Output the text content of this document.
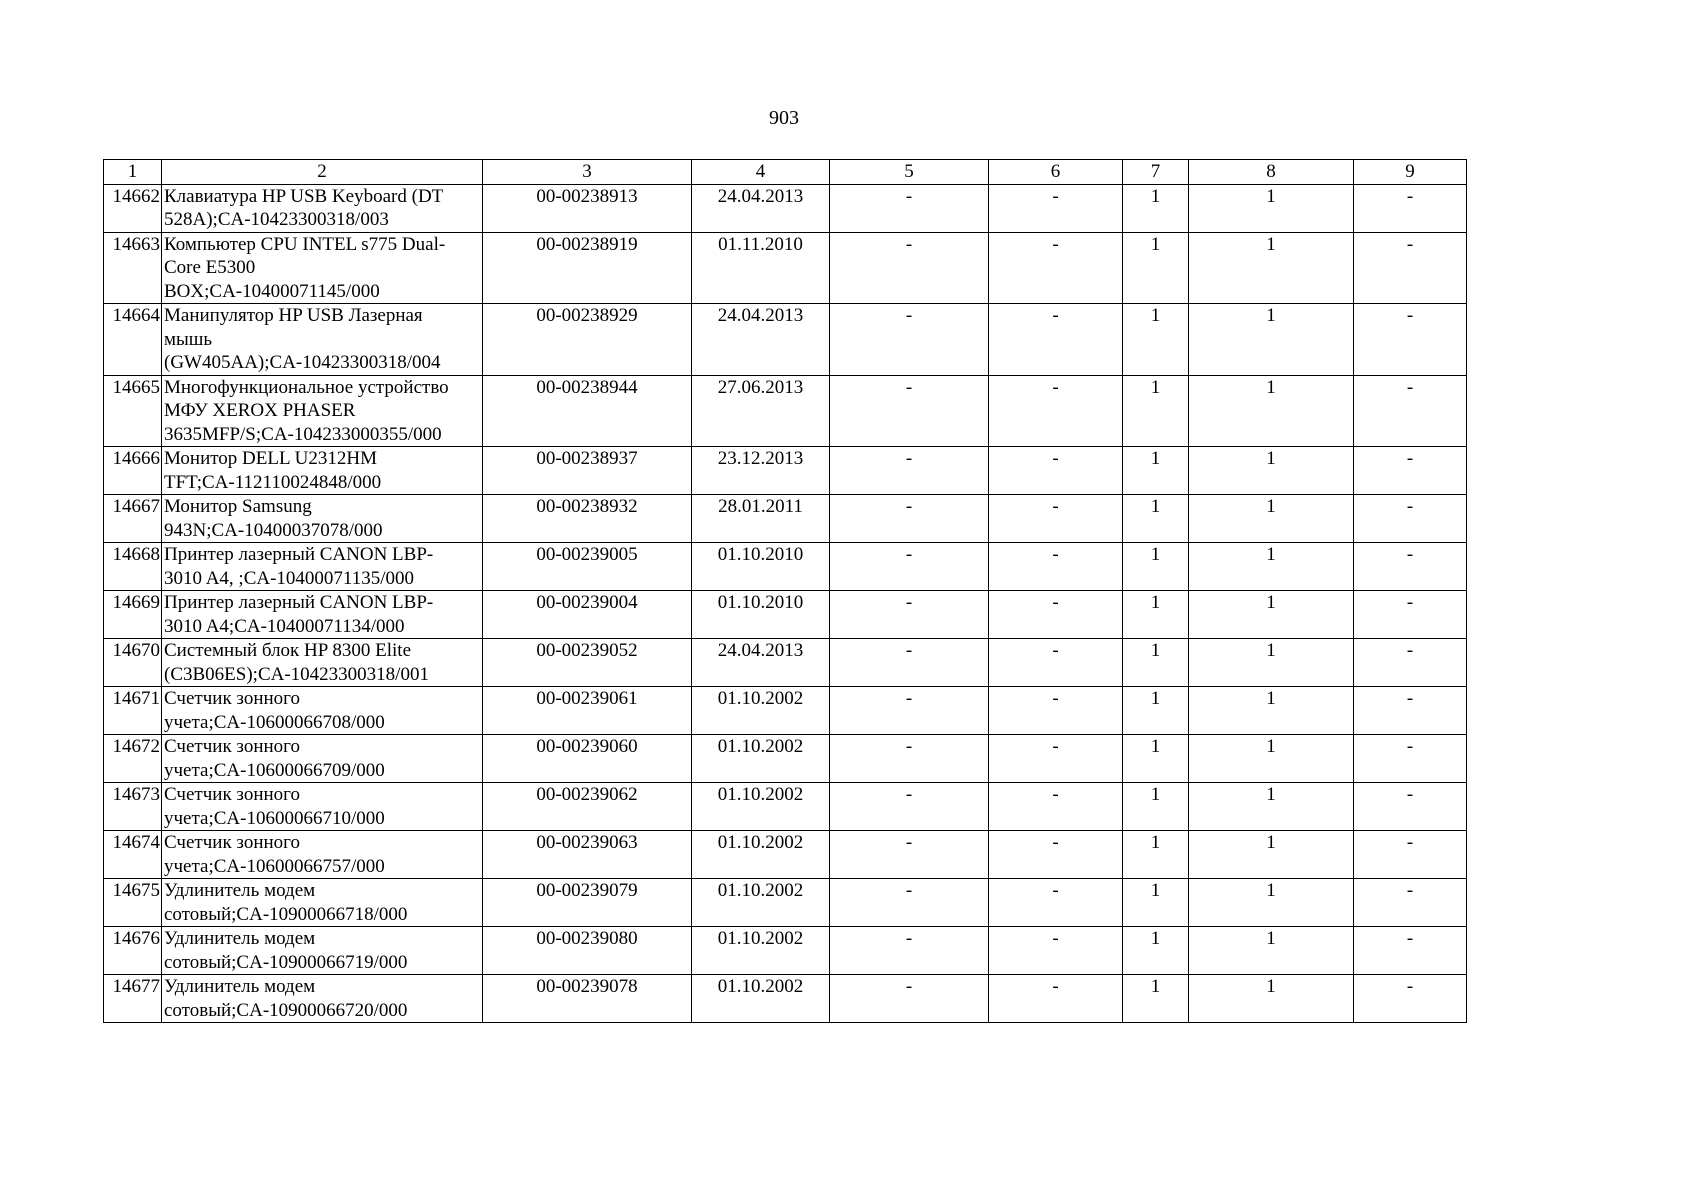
903
1	2	3	4	5	6	7	8	9
14662	Клавиатура HP USB Keyboard (DT
528A);CA-10423300318/003	00-00238913	24.04.2013	-	-	1	1	-
14663	Компьютер CPU INTEL s775 Dual-
Core E5300
BOX;CA-10400071145/000	00-00238919	01.11.2010	-	-	1	1	-
14664	Манипулятор HP USB Лазерная
мышь
(GW405AA);CA-10423300318/004	00-00238929	24.04.2013	-	-	1	1	-
14665	Многофункциональное устройство
МФУ XEROX PHASER
3635MFP/S;CA-104233000355/000	00-00238944	27.06.2013	-	-	1	1	-
14666	Монитор DELL U2312HM
TFT;CA-112110024848/000	00-00238937	23.12.2013	-	-	1	1	-
14667	Монитор Samsung
943N;CA-10400037078/000	00-00238932	28.01.2011	-	-	1	1	-
14668	Принтер лазерный CANON LBP-
3010 A4, ;CA-10400071135/000	00-00239005	01.10.2010	-	-	1	1	-
14669	Принтер лазерный CANON LBP-
3010 A4;CA-10400071134/000	00-00239004	01.10.2010	-	-	1	1	-
14670	Системный блок HP 8300 Elite
(C3B06ES);CA-10423300318/001	00-00239052	24.04.2013	-	-	1	1	-
14671	Счетчик зонного
учета;CA-10600066708/000	00-00239061	01.10.2002	-	-	1	1	-
14672	Счетчик зонного
учета;CA-10600066709/000	00-00239060	01.10.2002	-	-	1	1	-
14673	Счетчик зонного
учета;CA-10600066710/000	00-00239062	01.10.2002	-	-	1	1	-
14674	Счетчик зонного
учета;CA-10600066757/000	00-00239063	01.10.2002	-	-	1	1	-
14675	Удлинитель модем
сотовый;CA-10900066718/000	00-00239079	01.10.2002	-	-	1	1	-
14676	Удлинитель модем
сотовый;CA-10900066719/000	00-00239080	01.10.2002	-	-	1	1	-
14677	Удлинитель модем
сотовый;CA-10900066720/000	00-00239078	01.10.2002	-	-	1	1	-
